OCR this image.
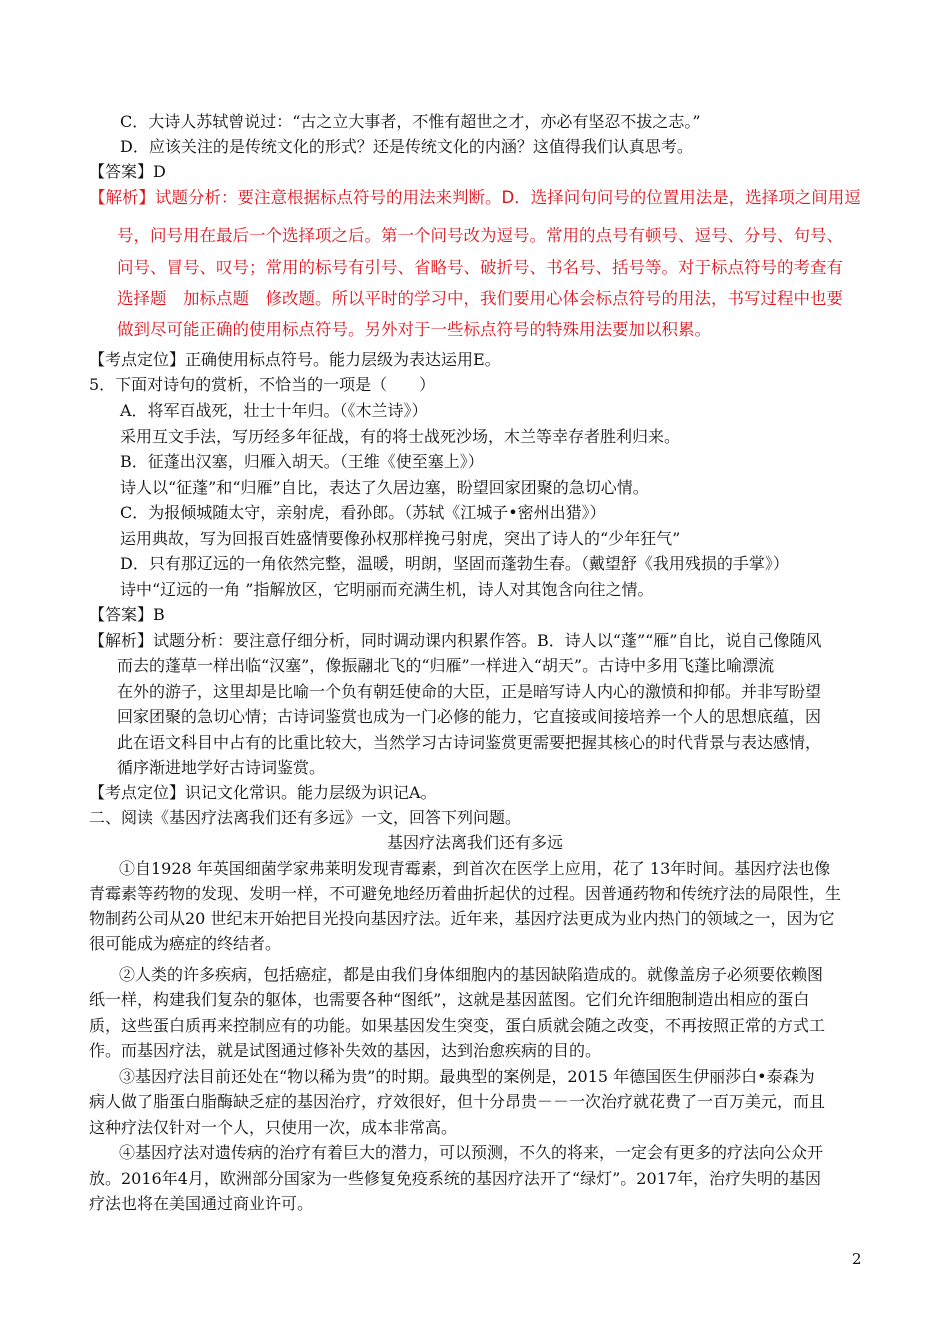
C．大诗人苏轼曾说过：“古之立大事者，不惟有超世之才，亦必有坚忍不拔之志。”
D．应该关注的是传统文化的形式？还是传统文化的内涵？这值得我们认真思考。
【答案】D
【解析】试题分析：要注意根据标点符号的用法来判断。D．选择问句问号的位置用法是，选择项之间用逗
号，问号用在最后一个选择项之后。第一个问号改为逗号。常用的点号有顿号、逗号、分号、句号、
问号、冒号、叹号；常用的标号有引号、省略号、破折号、书名号、括号等。对于标点符号的考查有
选择题　加标点题　修改题。所以平时的学习中，我们要用心体会标点符号的用法，书写过程中也要
做到尽可能正确的使用标点符号。另外对于一些标点符号的特殊用法要加以积累。
【考点定位】正确使用标点符号。能力层级为表达运用E。
5．下面对诗句的赏析，不恰当的一项是（　　）
A．将军百战死，壮士十年归。（《木兰诗》）
采用互文手法，写历经多年征战，有的将士战死沙场，木兰等幸存者胜利归来。
B．征蓬出汉塞，归雁入胡天。（王维《使至塞上》）
诗人以“征蓬”和“归雁”自比，表达了久居边塞，盼望回家团聚的急切心情。
C．为报倾城随太守，亲射虎，看孙郎。（苏轼《江城子•密州出猎》）
运用典故，写为回报百姓盛情要像孙权那样挽弓射虎，突出了诗人的“少年狂气”
D．只有那辽远的一角依然完整，温暖，明朗，坚固而蓬勃生春。（戴望舒《我用残损的手掌》）
诗中“辽远的一角 ”指解放区，它明丽而充满生机，诗人对其饱含向往之情。
【答案】B
【解析】试题分析：要注意仔细分析，同时调动课内积累作答。B．诗人以“蓬”“雁”自比，说自己像随风
而去的蓬草一样出临“汉塞”，像振翮北飞的“归雁”一样进入“胡天”。古诗中多用飞蓬比喻漂流
在外的游子，这里却是比喻一个负有朝廷使命的大臣，正是暗写诗人内心的激愤和抑郁。并非写盼望
回家团聚的急切心情；古诗词鉴赏也成为一门必修的能力，它直接或间接培养一个人的思想底蕴，因
此在语文科目中占有的比重比较大，当然学习古诗词鉴赏更需要把握其核心的时代背景与表达感情，
循序渐进地学好古诗词鉴赏。
【考点定位】识记文化常识。能力层级为识记A。
二、阅读《基因疗法离我们还有多远》一文，回答下列问题。
基因疗法离我们还有多远
①自1928 年英国细菌学家弗莱明发现青霉素，到首次在医学上应用，花了 13年时间。基因疗法也像
青霉素等药物的发现、发明一样，不可避免地经历着曲折起伏的过程。因普通药物和传统疗法的局限性，生
物制药公司从20 世纪末开始把目光投向基因疗法。近年来，基因疗法更成为业内热门的领域之一，因为它
很可能成为癌症的终结者。
②人类的许多疾病，包括癌症，都是由我们身体细胞内的基因缺陷造成的。就像盖房子必须要依赖图
纸一样，构建我们复杂的躯体，也需要各种“图纸”，这就是基因蓝图。它们允许细胞制造出相应的蛋白
质，这些蛋白质再来控制应有的功能。如果基因发生突变，蛋白质就会随之改变，不再按照正常的方式工
作。而基因疗法，就是试图通过修补失效的基因，达到治愈疾病的目的。
③基因疗法目前还处在“物以稀为贵”的时期。最典型的案例是，2015 年德国医生伊丽莎白•泰森为
病人做了脂蛋白脂酶缺乏症的基因治疗，疗效很好，但十分昂贵－－一次治疗就花费了一百万美元，而且
这种疗法仅针对一个人，只使用一次，成本非常高。
④基因疗法对遗传病的治疗有着巨大的潜力，可以预测，不久的将来，一定会有更多的疗法向公众开
放。2016年4月，欧洲部分国家为一些修复免疫系统的基因疗法开了“绿灯”。2017年，治疗失明的基因
疗法也将在美国通过商业许可。
2
